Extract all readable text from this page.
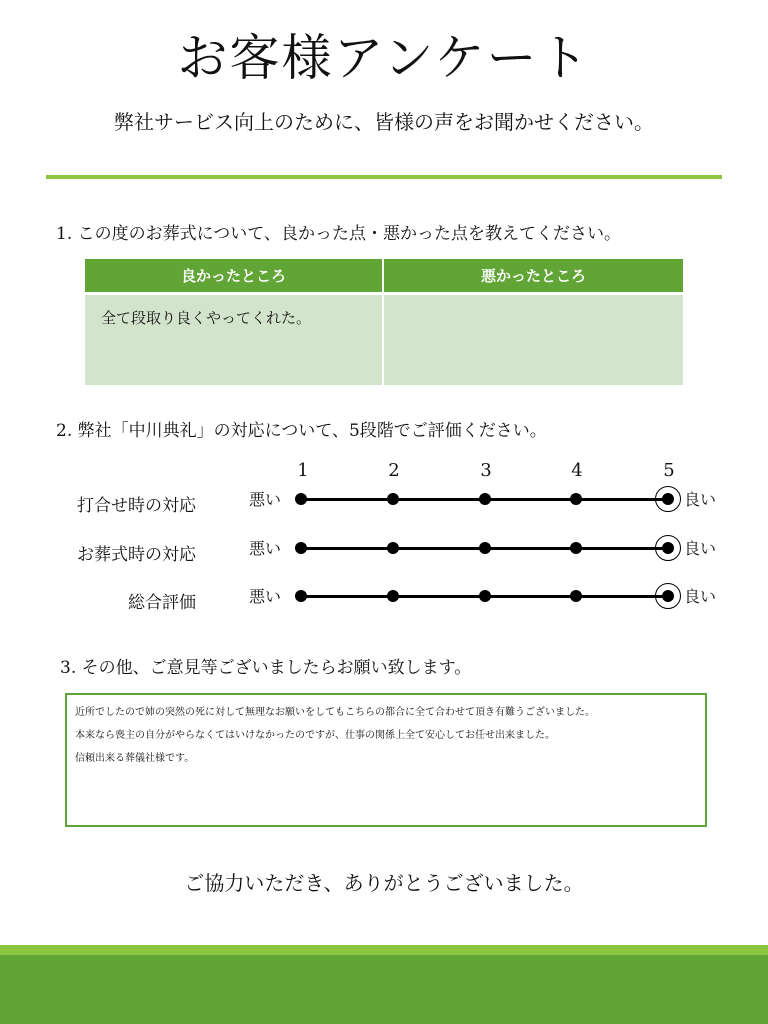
お客様アンケート
弊社サービス向上のために、皆様の声をお聞かせください。
1. この度のお葬式について、良かった点・悪かった点を教えてください。
良かったところ	悪かったところ
全て段取り良くやってくれた。	
2. 弊社「中川典礼」の対応について、5段階でご評価ください。
1	2	3	4	5
打合せ時の対応	悪い	良い
お葬式時の対応	悪い	良い
総合評価	悪い	良い
3. その他、ご意見等ございましたらお願い致します。
近所でしたので姉の突然の死に対して無理なお願いをしてもこちらの都合に全て合わせて頂き有難うございました。
本来なら喪主の自分がやらなくてはいけなかったのですが、仕事の関係上全て安心してお任せ出来ました。
信頼出来る葬儀社様です。
ご協力いただき、ありがとうございました。
